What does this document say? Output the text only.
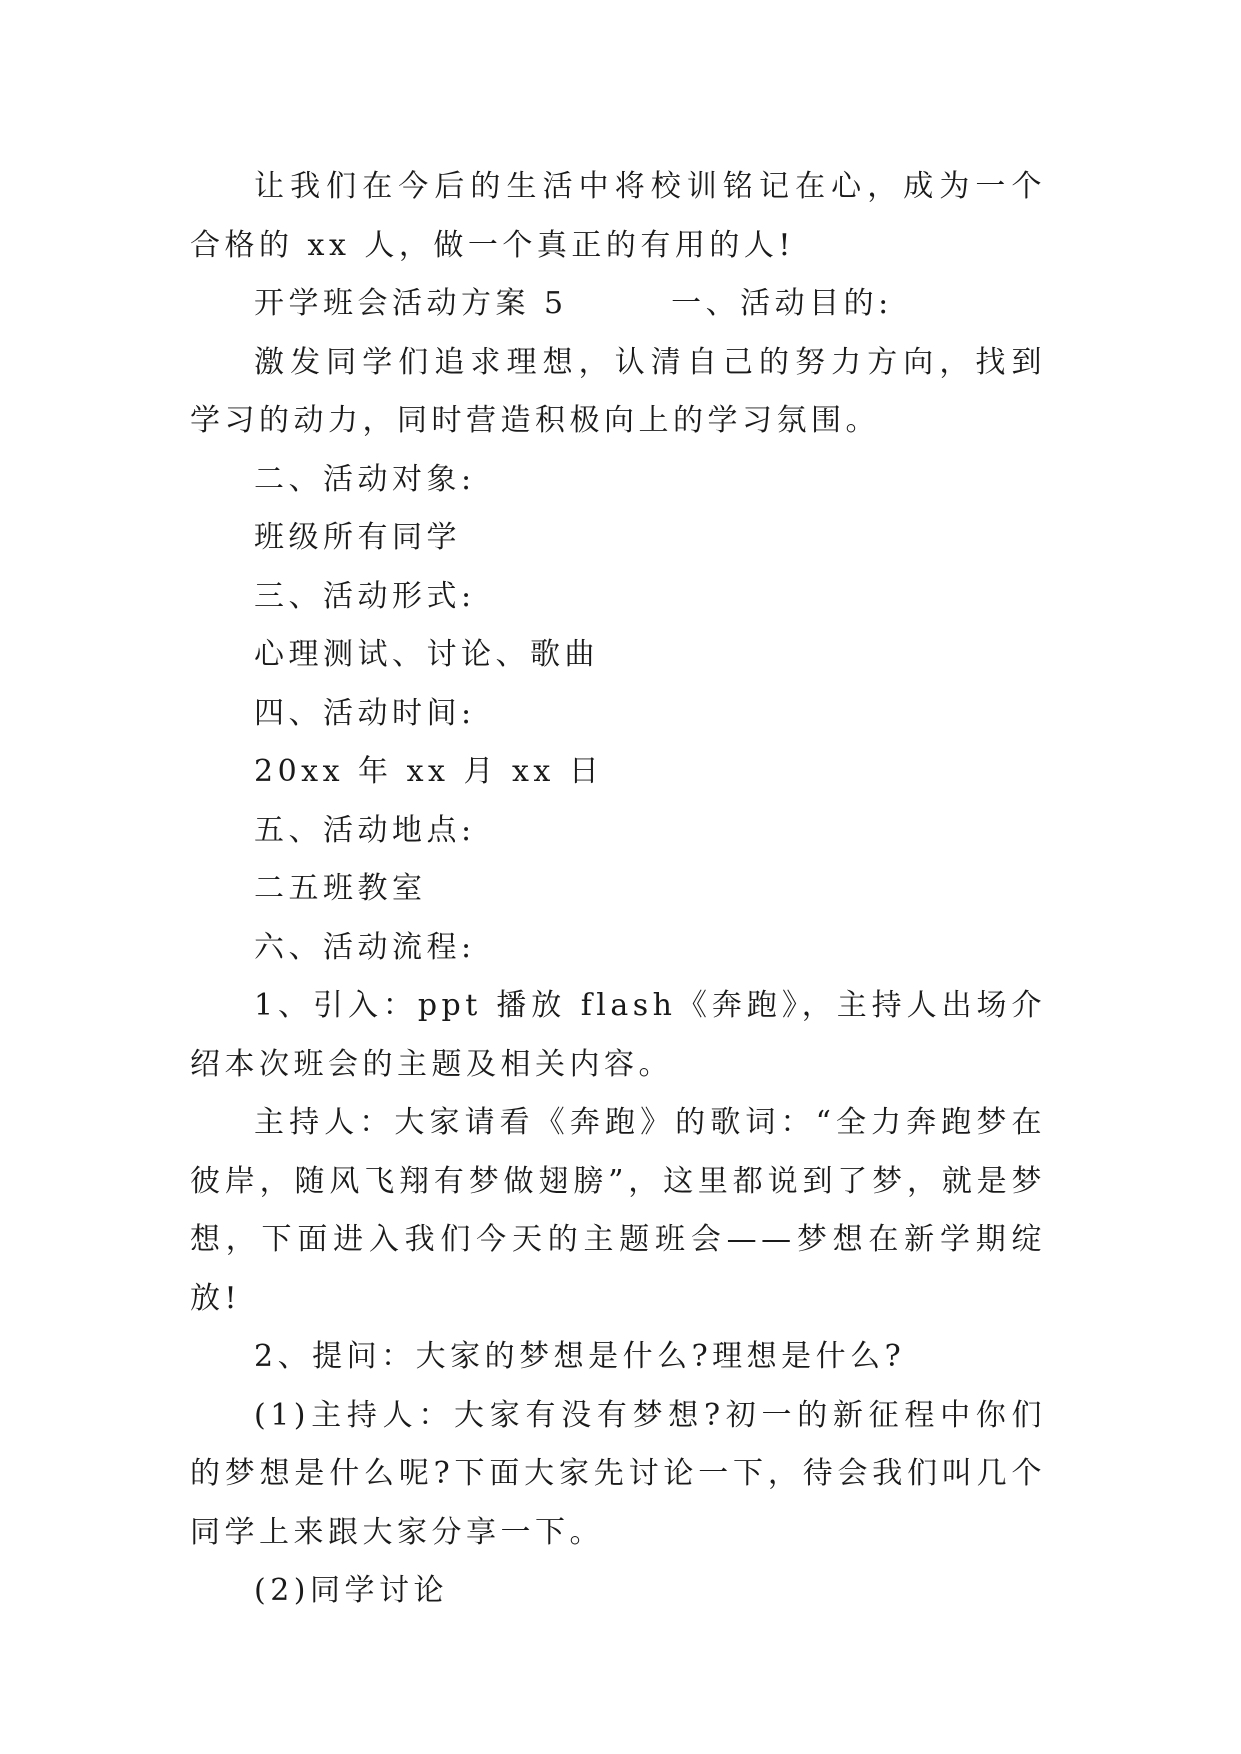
让我们在今后的生活中将校训铭记在心，成为一个合格的 xx 人，做一个真正的有用的人!

开学班会活动方案 5　　　一、活动目的:

激发同学们追求理想，认清自己的努力方向，找到学习的动力，同时营造积极向上的学习氛围。

二、活动对象:

班级所有同学

三、活动形式:

心理测试、讨论、歌曲

四、活动时间:

20xx 年 xx 月 xx 日

五、活动地点:

二五班教室

六、活动流程:

1、引入：ppt 播放 flash《奔跑》，主持人出场介绍本次班会的主题及相关内容。

主持人：大家请看《奔跑》的歌词：“全力奔跑梦在彼岸，随风飞翔有梦做翅膀”，这里都说到了梦，就是梦想，下面进入我们今天的主题班会——梦想在新学期绽放!

2、提问：大家的梦想是什么?理想是什么?

(1)主持人：大家有没有梦想?初一的新征程中你们的梦想是什么呢?下面大家先讨论一下，待会我们叫几个同学上来跟大家分享一下。

(2)同学讨论
